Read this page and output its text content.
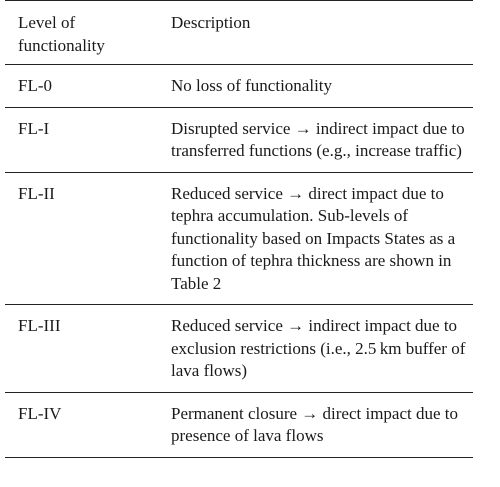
Level of functionality	Description
FL-0	No loss of functionality

FL-I	Disrupted service → indirect impact due to transferred functions (e.g., increase traffic)

FL-II	Reduced service → direct impact due to tephra accumulation. Sub-levels of functionality based on Impacts States as a function of tephra thickness are shown in Table 2

FL-III	Reduced service → indirect impact due to exclusion restrictions (i.e., 2.5 km buffer of lava flows)

FL-IV	Permanent closure → direct impact due to presence of lava flows
